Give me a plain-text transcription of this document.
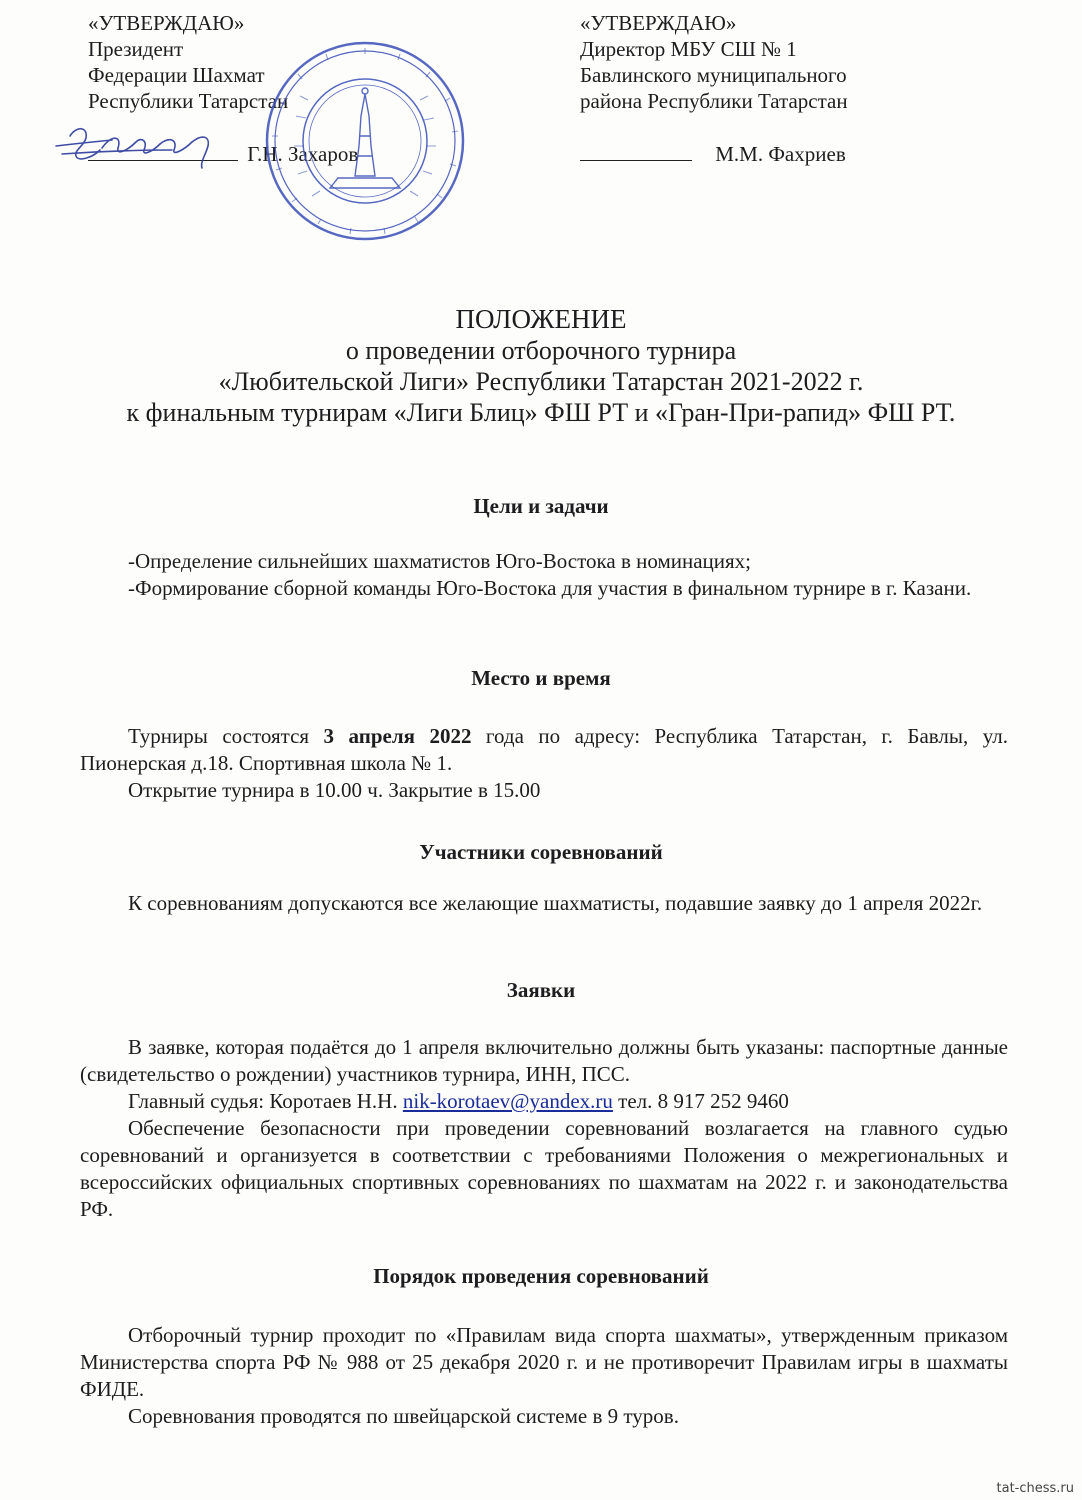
«УТВЕРЖДАЮ»
Президент
Федерации Шахмат
Республики Татарстан
Г.Н. Захаров
«УТВЕРЖДАЮ»
Директор МБУ СШ № 1
Бавлинского муниципального
района Республики Татарстан
М.М. Фахриев
ПОЛОЖЕНИЕ
о проведении отборочного турнира
«Любительской Лиги» Республики Татарстан 2021-2022 г.
к финальным турнирам «Лиги Блиц» ФШ РТ и «Гран-При-рапид» ФШ РТ.
Цели и задачи
-Определение сильнейших шахматистов Юго-Востока в номинациях;
-Формирование сборной команды Юго-Востока для участия в финальном турнире в г. Казани.
Место и время
Турниры состоятся 3 апреля 2022 года по адресу: Республика Татарстан, г. Бавлы, ул. Пионерская д.18. Спортивная школа № 1.
Открытие турнира в 10.00 ч. Закрытие в 15.00
Участники соревнований
К соревнованиям допускаются все желающие шахматисты, подавшие заявку до 1 апреля 2022г.
Заявки
В заявке, которая подаётся до 1 апреля включительно должны быть указаны: паспортные данные (свидетельство о рождении) участников турнира, ИНН, ПСС.
Главный судья: Коротаев Н.Н. nik-korotaev@yandex.ru тел. 8 917 252 9460
Обеспечение безопасности при проведении соревнований возлагается на главного судью соревнований и организуется в соответствии с требованиями Положения о межрегиональных и всероссийских официальных спортивных соревнованиях по шахматам на 2022 г. и законодательства РФ.
Порядок проведения соревнований
Отборочный турнир проходит по «Правилам вида спорта шахматы», утвержденным приказом Министерства спорта РФ № 988 от 25 декабря 2020 г. и не противоречит Правилам игры в шахматы ФИДЕ.
Соревнования проводятся по швейцарской системе в 9 туров.
tat-chess.ru
